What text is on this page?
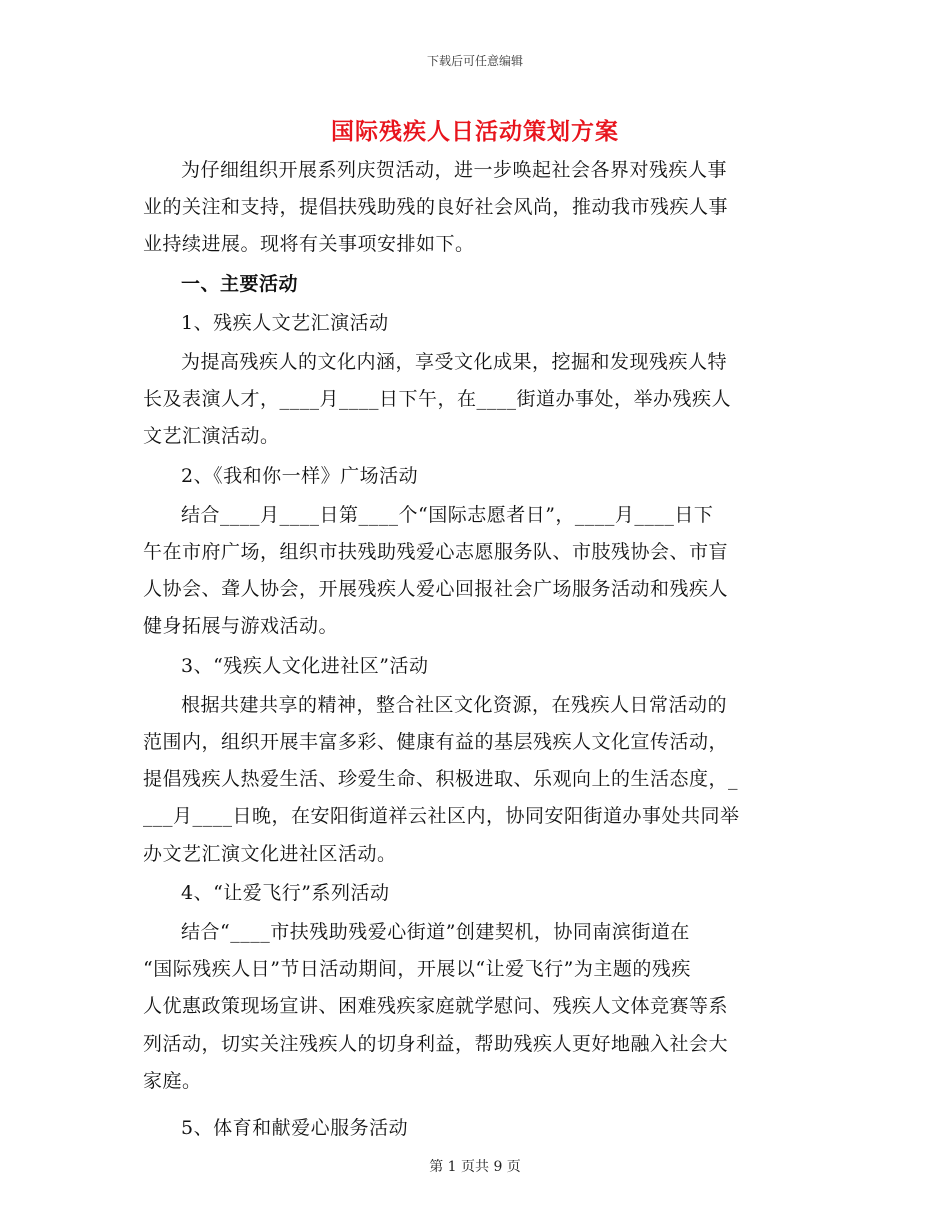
下载后可任意编辑
国际残疾人日活动策划方案

为仔细组织开展系列庆贺活动，进一步唤起社会各界对残疾人事

业的关注和支持，提倡扶残助残的良好社会风尚，推动我市残疾人事

业持续进展。现将有关事项安排如下。

一、主要活动

1、残疾人文艺汇演活动

为提高残疾人的文化内涵，享受文化成果，挖掘和发现残疾人特

长及表演人才，____月____日下午，在____街道办事处，举办残疾人

文艺汇演活动。

2、《我和你一样》广场活动

结合____月____日第____个“国际志愿者日”，____月____日下

午在市府广场，组织市扶残助残爱心志愿服务队、市肢残协会、市盲

人协会、聋人协会，开展残疾人爱心回报社会广场服务活动和残疾人

健身拓展与游戏活动。

3、“残疾人文化进社区”活动

根据共建共享的精神，整合社区文化资源，在残疾人日常活动的

范围内，组织开展丰富多彩、健康有益的基层残疾人文化宣传活动，

提倡残疾人热爱生活、珍爱生命、积极进取、乐观向上的生活态度，_

___月____日晚，在安阳街道祥云社区内，协同安阳街道办事处共同举

办文艺汇演文化进社区活动。

4、“让爱飞行”系列活动

结合“____市扶残助残爱心街道”创建契机，协同南滨街道在

“国际残疾人日”节日活动期间，开展以“让爱飞行”为主题的残疾

人优惠政策现场宣讲、困难残疾家庭就学慰问、残疾人文体竞赛等系

列活动，切实关注残疾人的切身利益，帮助残疾人更好地融入社会大

家庭。

5、体育和献爱心服务活动

第 1 页共 9 页
